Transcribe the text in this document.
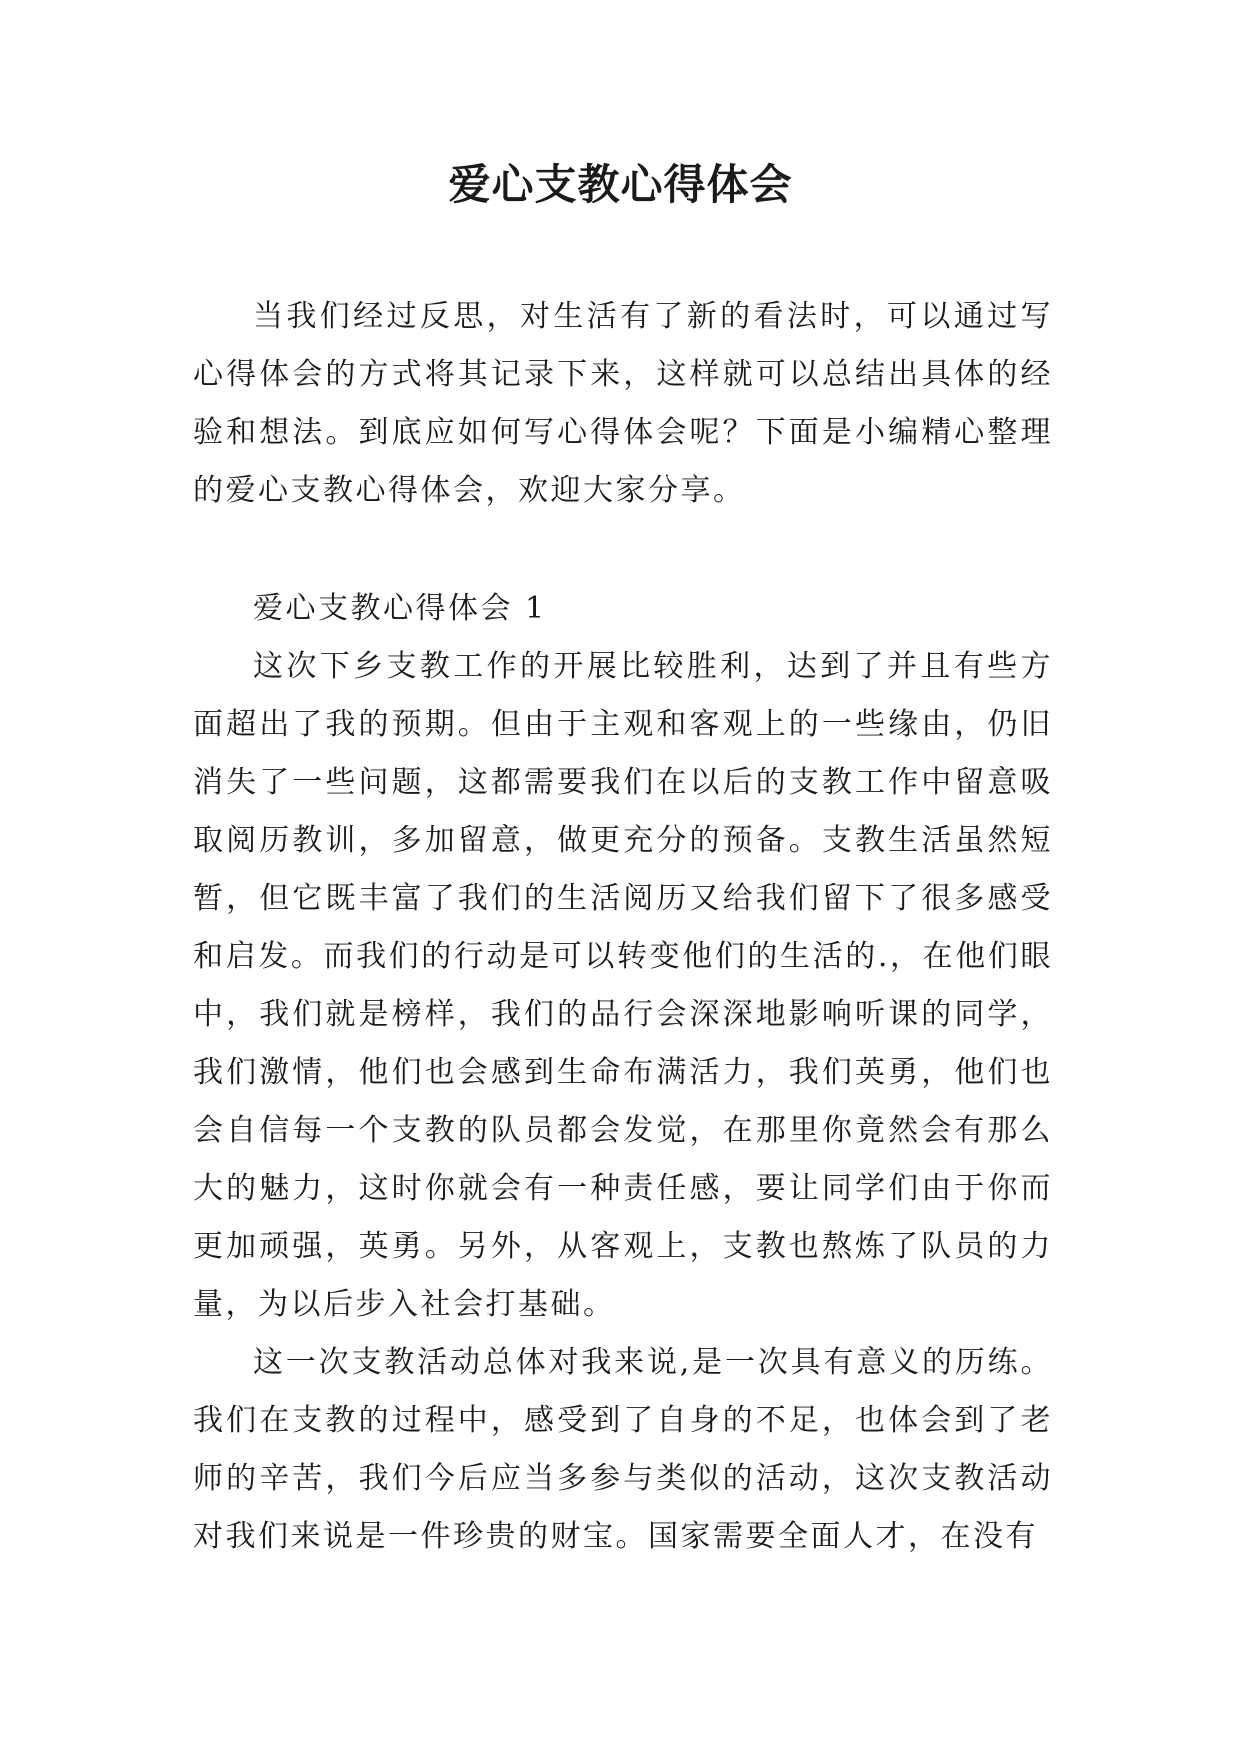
爱心支教心得体会

当我们经过反思，对生活有了新的看法时，可以通过写心得体会的方式将其记录下来，这样就可以总结出具体的经验和想法。到底应如何写心得体会呢？下面是小编精心整理的爱心支教心得体会，欢迎大家分享。

爱心支教心得体会 1

这次下乡支教工作的开展比较胜利，达到了并且有些方面超出了我的预期。但由于主观和客观上的一些缘由，仍旧消失了一些问题，这都需要我们在以后的支教工作中留意吸取阅历教训，多加留意，做更充分的预备。支教生活虽然短暂，但它既丰富了我们的生活阅历又给我们留下了很多感受和启发。而我们的行动是可以转变他们的生活的.，在他们眼中，我们就是榜样，我们的品行会深深地影响听课的同学，我们激情，他们也会感到生命布满活力，我们英勇，他们也会自信每一个支教的队员都会发觉，在那里你竟然会有那么大的魅力，这时你就会有一种责任感，要让同学们由于你而更加顽强，英勇。另外，从客观上，支教也熬炼了队员的力量，为以后步入社会打基础。

这一次支教活动总体对我来说,是一次具有意义的历练。我们在支教的过程中，感受到了自身的不足，也体会到了老师的辛苦，我们今后应当多参与类似的活动，这次支教活动对我们来说是一件珍贵的财宝。国家需要全面人才，在没有
